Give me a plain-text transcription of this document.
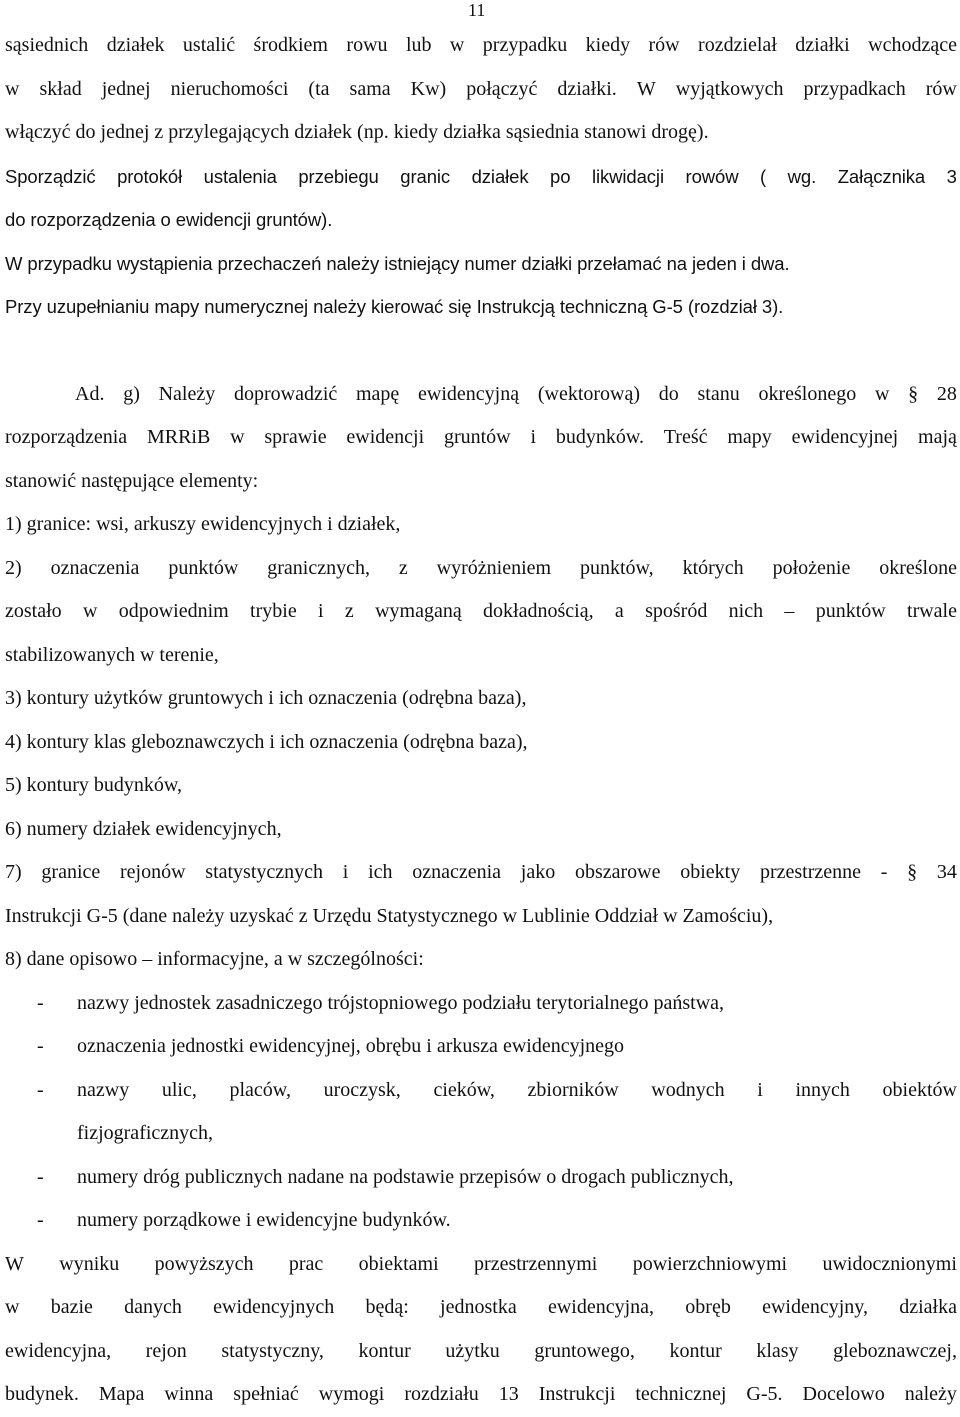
11
sąsiednich działek ustalić środkiem rowu lub w przypadku kiedy rów rozdzielał działki wchodzące
w skład jednej nieruchomości (ta sama Kw) połączyć działki. W wyjątkowych przypadkach rów
włączyć do jednej z przylegających działek (np. kiedy działka sąsiednia stanowi drogę).
Sporządzić protokół ustalenia przebiegu granic działek po likwidacji rowów ( wg. Załącznika 3
do rozporządzenia o ewidencji gruntów).
W przypadku wystąpienia przechaczeń należy istniejący numer działki przełamać na jeden i dwa.
Przy uzupełnianiu mapy numerycznej należy kierować się Instrukcją techniczną G-5 (rozdział 3).
Ad. g) Należy doprowadzić mapę ewidencyjną (wektorową) do stanu określonego w § 28
rozporządzenia MRRiB w sprawie ewidencji gruntów i budynków. Treść mapy ewidencyjnej mają
stanowić następujące elementy:
1) granice: wsi, arkuszy ewidencyjnych i działek,
2) oznaczenia punktów granicznych, z wyróżnieniem punktów, których położenie określone
zostało w odpowiednim trybie i z wymaganą dokładnością, a spośród nich – punktów trwale
stabilizowanych w terenie,
3) kontury użytków gruntowych i ich oznaczenia (odrębna baza),
4) kontury klas gleboznawczych i ich oznaczenia (odrębna baza),
5) kontury budynków,
6) numery działek ewidencyjnych,
7) granice rejonów statystycznych i ich oznaczenia jako obszarowe obiekty przestrzenne - § 34
Instrukcji G-5 (dane należy uzyskać z Urzędu Statystycznego w Lublinie Oddział w Zamościu),
8) dane opisowo – informacyjne, a w szczególności:
-	nazwy jednostek zasadniczego trójstopniowego podziału terytorialnego państwa,
-	oznaczenia jednostki ewidencyjnej, obrębu i arkusza ewidencyjnego
-	nazwy ulic, placów, uroczysk, cieków, zbiorników wodnych i innych obiektów
fizjograficznych,
-	numery dróg publicznych nadane na podstawie przepisów o drogach publicznych,
-	numery porządkowe i ewidencyjne budynków.
W wyniku powyższych prac obiektami przestrzennymi powierzchniowymi uwidocznionymi
w bazie danych ewidencyjnych będą: jednostka ewidencyjna, obręb ewidencyjny, działka
ewidencyjna, rejon statystyczny, kontur użytku gruntowego, kontur klasy gleboznawczej,
budynek. Mapa winna spełniać wymogi rozdziału 13 Instrukcji technicznej G-5. Docelowo należy
